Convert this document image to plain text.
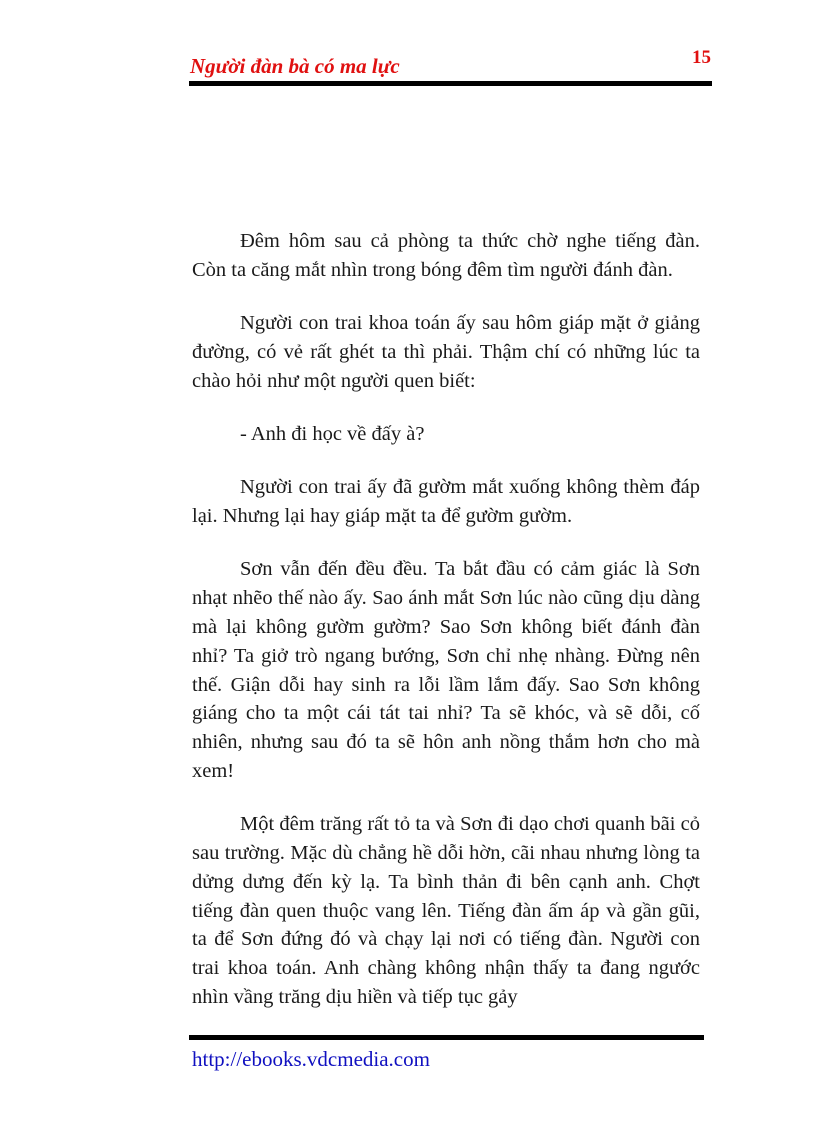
Người đàn bà có ma lực	15

Đêm hôm sau cả phòng ta thức chờ nghe tiếng đàn. Còn ta căng mắt nhìn trong bóng đêm tìm người đánh đàn.

Người con trai khoa toán ấy sau hôm giáp mặt ở giảng đường, có vẻ rất ghét ta thì phải. Thậm chí có những lúc ta chào hỏi như một người quen biết:

- Anh đi học về đấy à?

Người con trai ấy đã gườm mắt xuống không thèm đáp lại. Nhưng lại hay giáp mặt ta để gườm gườm.

Sơn vẫn đến đều đều. Ta bắt đầu có cảm giác là Sơn nhạt nhẽo thế nào ấy. Sao ánh mắt Sơn lúc nào cũng dịu dàng mà lại không gườm gườm? Sao Sơn không biết đánh đàn nhỉ? Ta giở trò ngang bướng, Sơn chỉ nhẹ nhàng. Đừng nên thế. Giận dỗi hay sinh ra lỗi lầm lắm đấy. Sao Sơn không giáng cho ta một cái tát tai nhỉ? Ta sẽ khóc, và sẽ dỗi, cố nhiên, nhưng sau đó ta sẽ hôn anh nồng thắm hơn cho mà xem!

Một đêm trăng rất tỏ ta và Sơn đi dạo chơi quanh bãi cỏ sau trường. Mặc dù chẳng hề dỗi hờn, cãi nhau nhưng lòng ta dửng dưng đến kỳ lạ. Ta bình thản đi bên cạnh anh. Chợt tiếng đàn quen thuộc vang lên. Tiếng đàn ấm áp và gần gũi, ta để Sơn đứng đó và chạy lại nơi có tiếng đàn. Người con trai khoa toán. Anh chàng không nhận thấy ta đang ngước nhìn vầng trăng dịu hiền và tiếp tục gảy

http://ebooks.vdcmedia.com
